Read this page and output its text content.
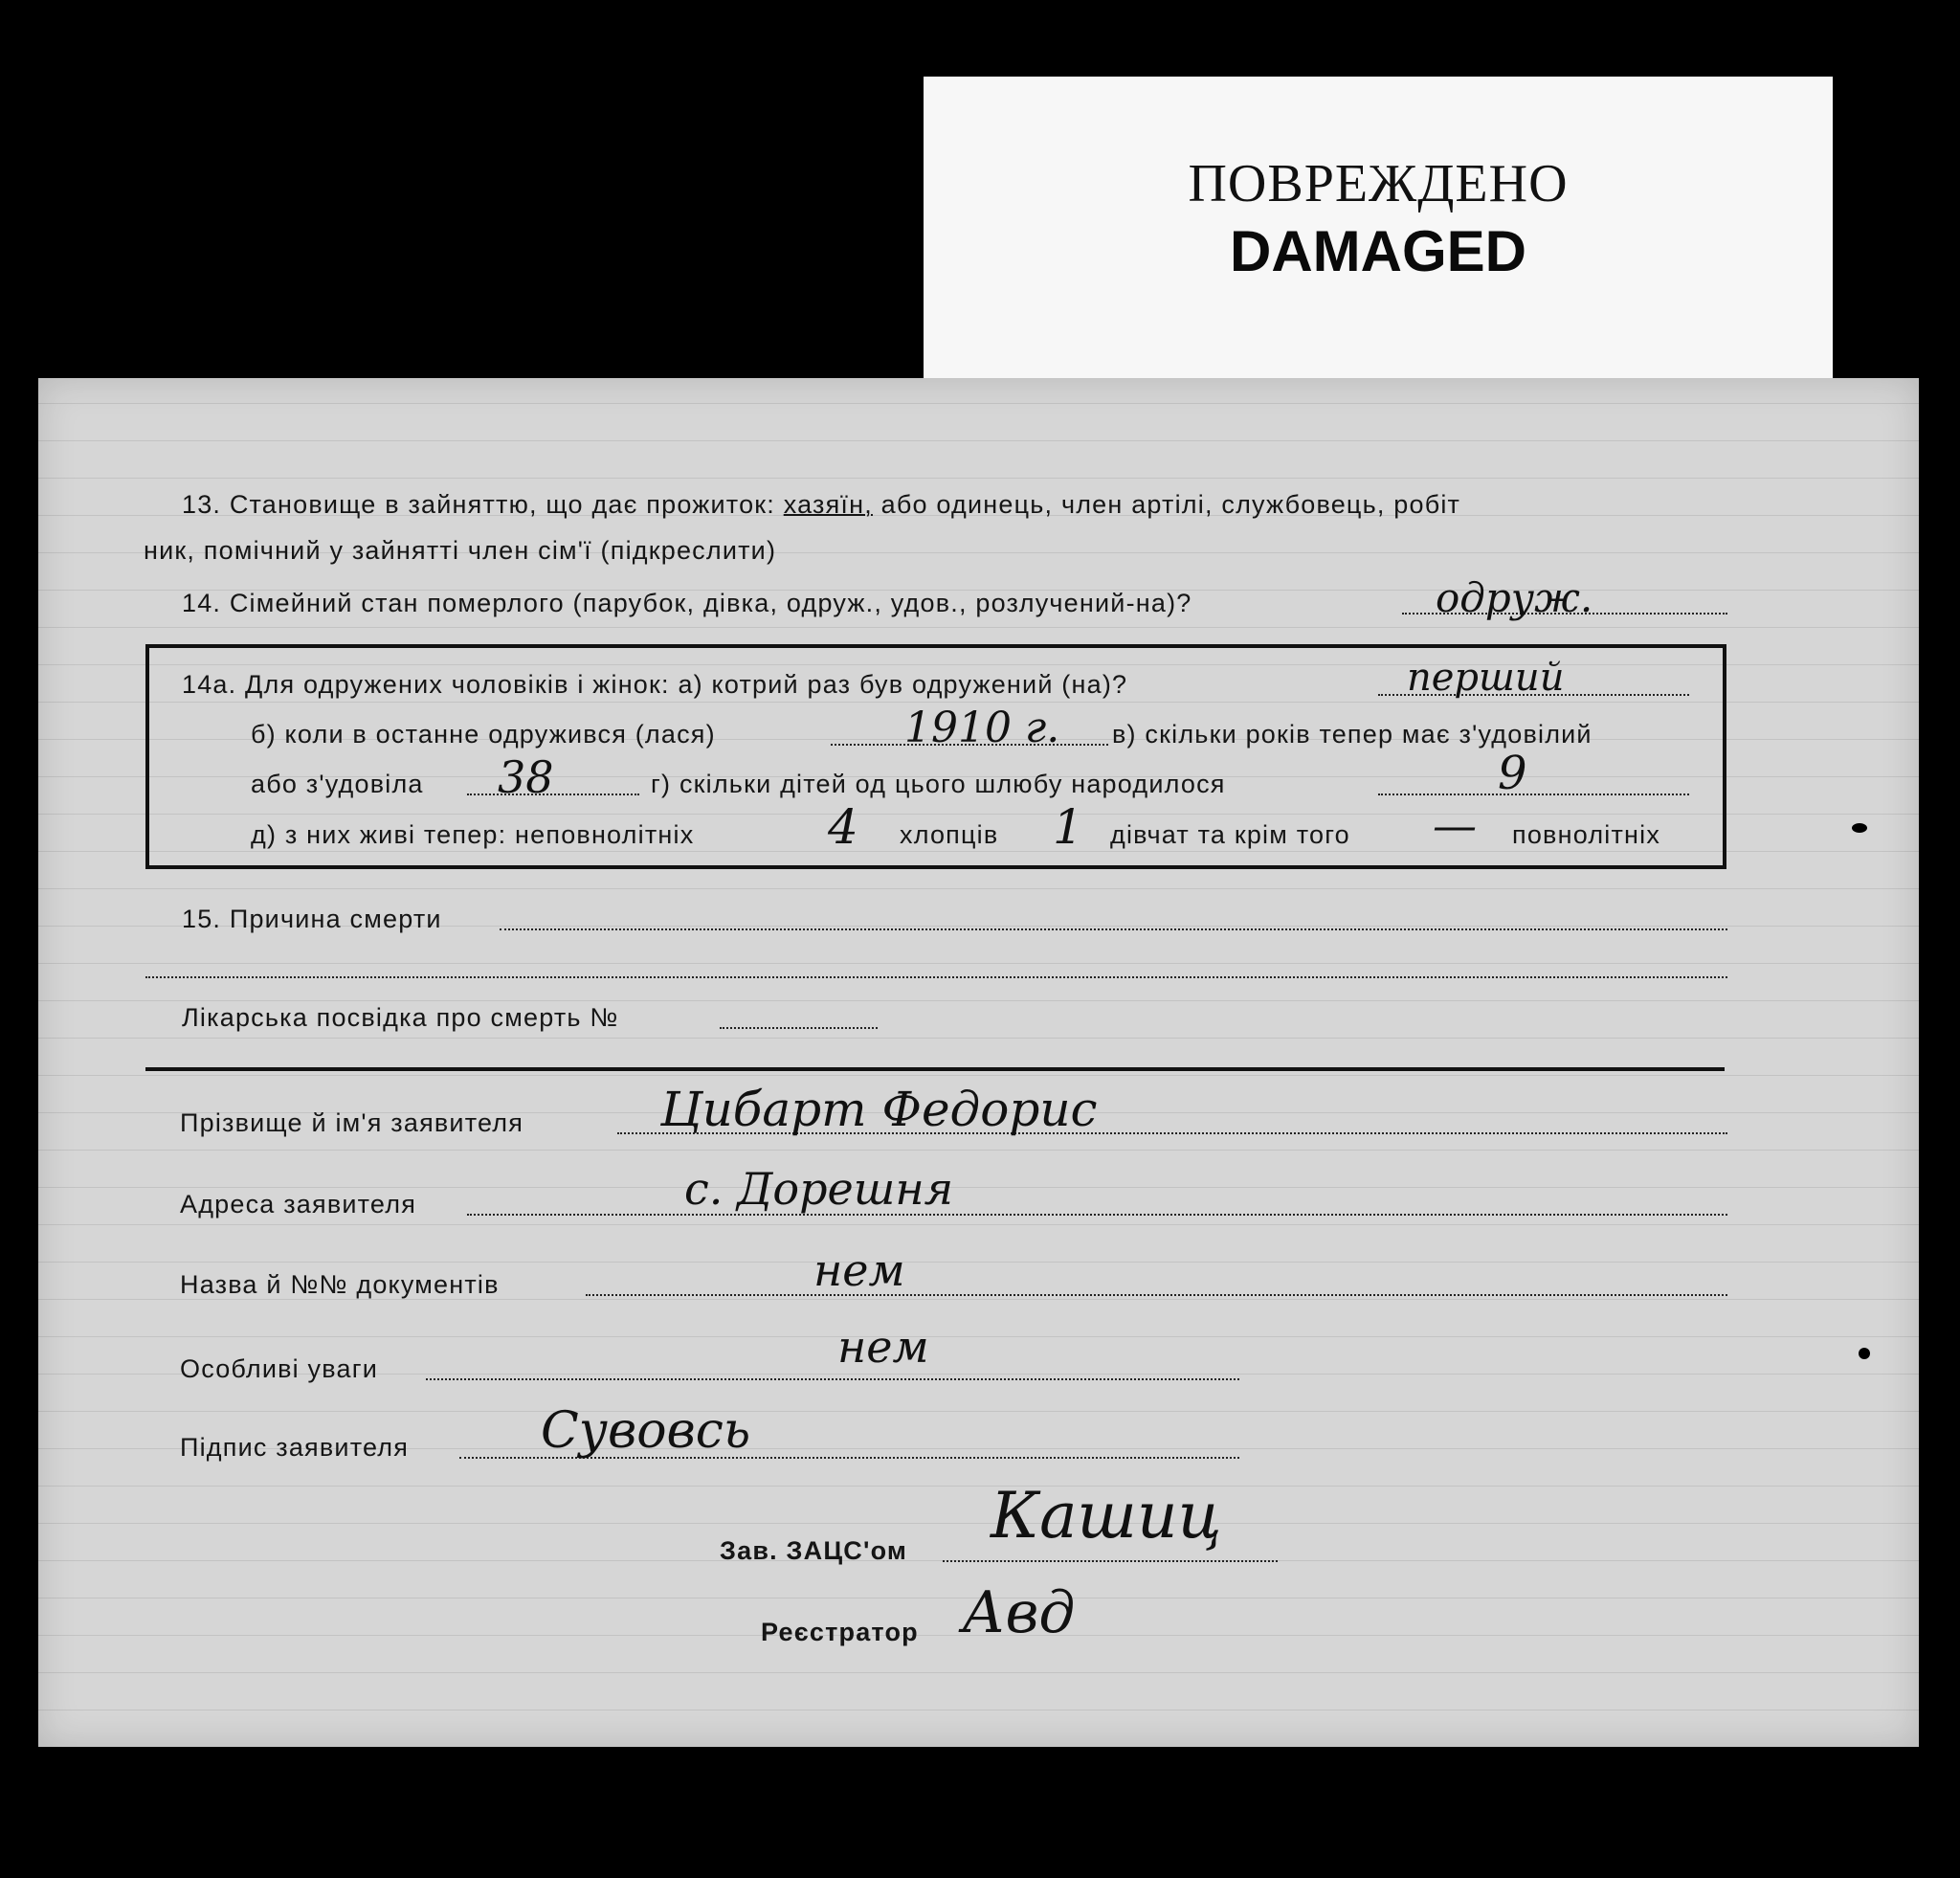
ПОВРЕЖДЕНО
DAMAGED
13. Становище в зайняттю, що дає прожиток: хазяїн, або одинець, член артілі, службовець, робіт
ник, помічний у зайнятті член сім'ї (підкреслити)
14. Сімейний стан померлого (парубок, дівка, одруж., удов., розлучений-на)?	одруж.
14а. Для одружених чоловіків і жінок: а) котрий раз був одружений (на)?	перший
б) коли в останне одружився (лася)	1910 г. в) скільки років тепер має з'удовілий
або з'удовіла 38	г) скільки дітей од цього шлюбу народилося	9
д) з них живі тепер: неповнолітніх	4 хлопців 1 дівчат та крім того — повнолітніх
15. Причина смерти
Лікарська посвідка про смерть №
Прізвище й ім'я заявителя	Цибарт Федорис
Адреса заявителя	с. Дорешня
Назва й №№ документів	нем
Особливі уваги	нем
Підпис заявителя	Сувовсь
Зав. ЗАЦС'ом Кашиц
Реєстратор Авд
